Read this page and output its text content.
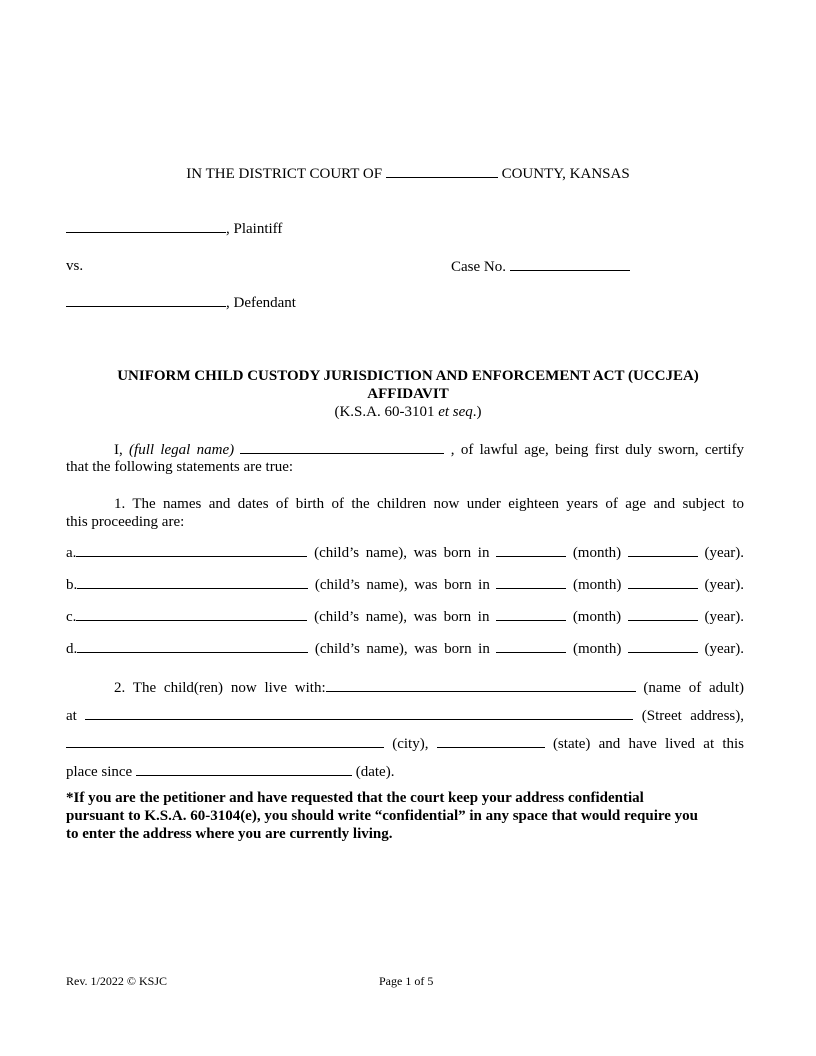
IN THE DISTRICT COURT OF	COUNTY, KANSAS
, Plaintiff
vs.	Case No.
, Defendant
UNIFORM CHILD CUSTODY JURISDICTION AND ENFORCEMENT ACT (UCCJEA)
AFFIDAVIT
(K.S.A. 60-3101 et seq.)
I, (full legal name)	, of lawful age, being first duly sworn, certify
that the following statements are true:
1. The names and dates of birth of the children now under eighteen years of age and subject to
this proceeding are:
a.	(child’s name), was born in	(month)	(year).
b.	(child’s name), was born in	(month)	(year).
c.	(child’s name), was born in	(month)	(year).
d.	(child’s name), was born in	(month)	(year).
2. The child(ren) now live with:	(name of adult)
at	(Street address),
(city),	(state) and have lived at this
place since	(date).
*If you are the petitioner and have requested that the court keep your address confidential
pursuant to K.S.A. 60-3104(e), you should write “confidential” in any space that would require you
to enter the address where you are currently living.
Rev. 1/2022 © KSJC	Page 1 of 5
